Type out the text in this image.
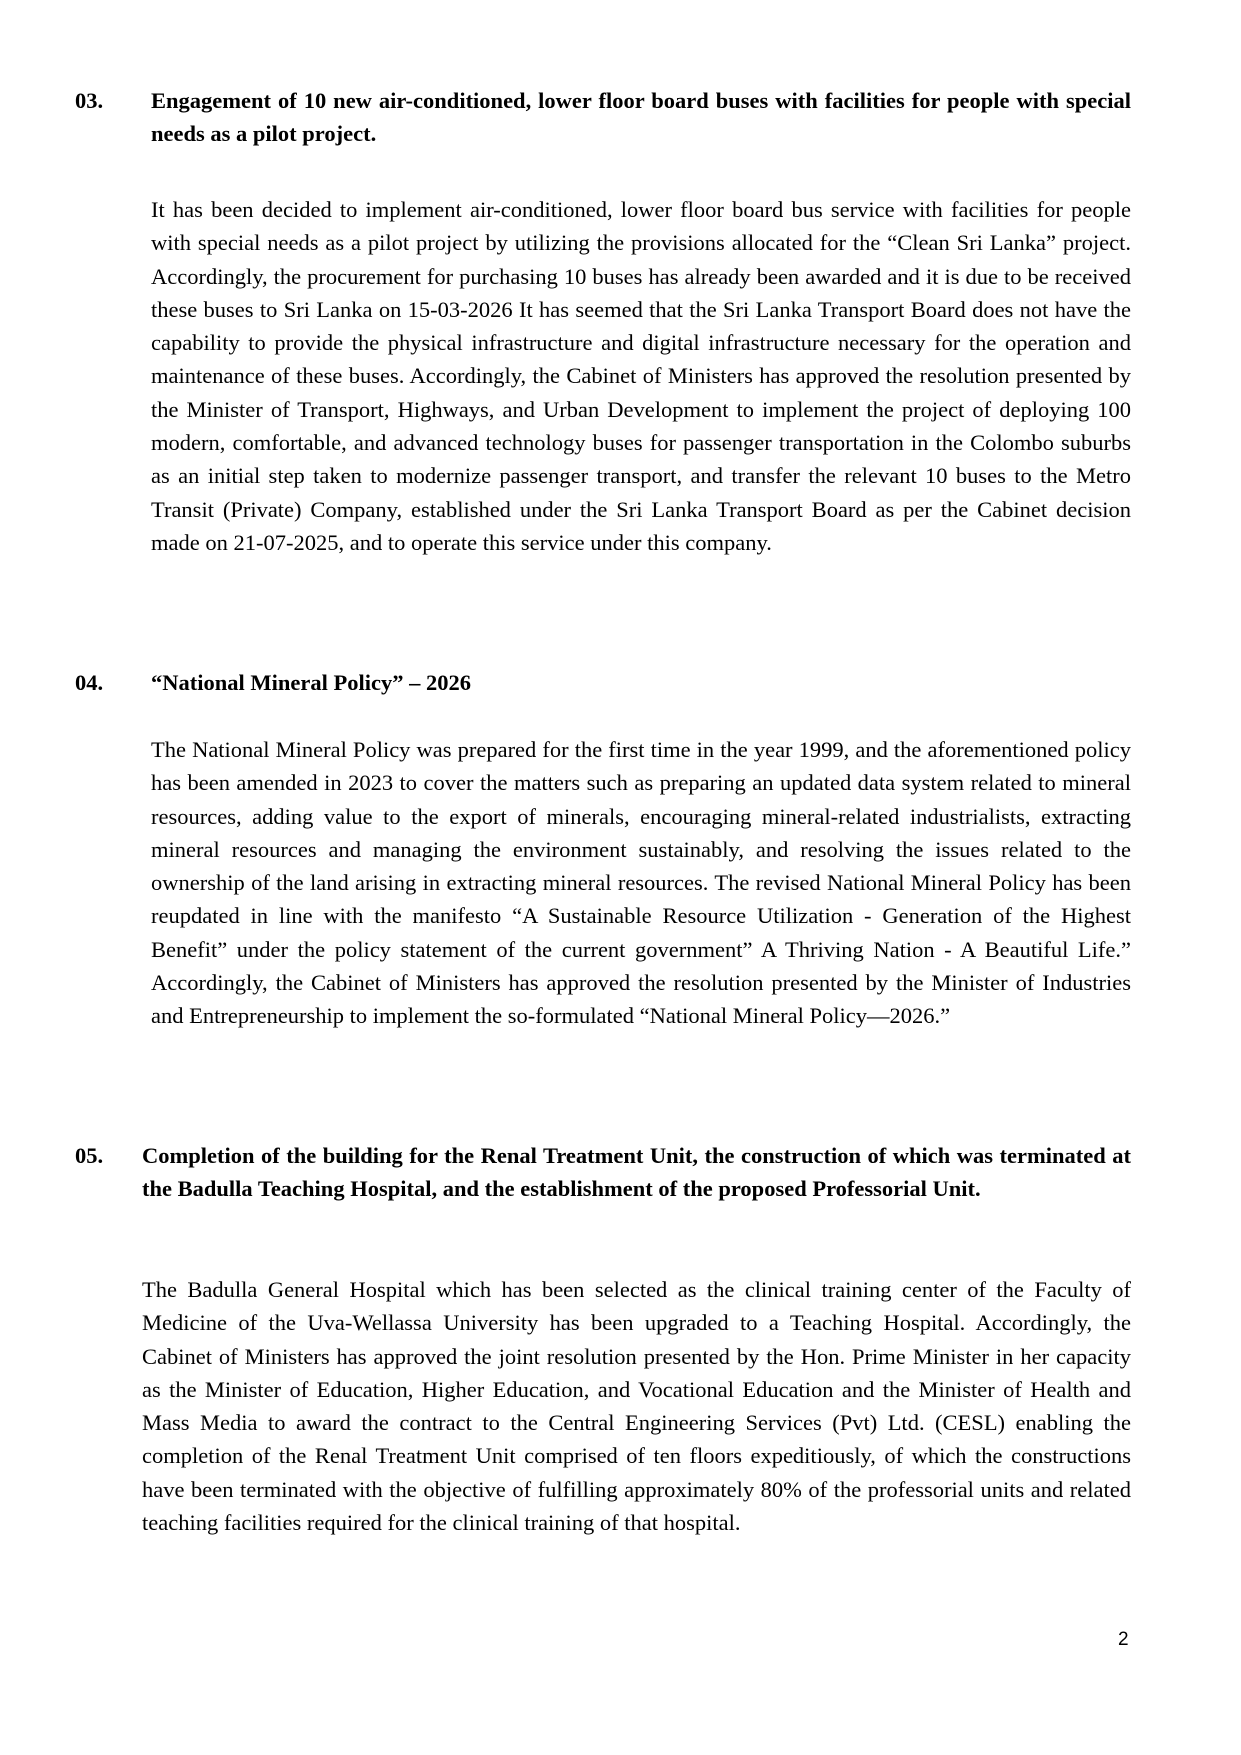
03. Engagement of 10 new air-conditioned, lower floor board buses with facilities for people with special needs as a pilot project.
It has been decided to implement air-conditioned, lower floor board bus service with facilities for people with special needs as a pilot project by utilizing the provisions allocated for the “Clean Sri Lanka” project. Accordingly, the procurement for purchasing 10 buses has already been awarded and it is due to be received these buses to Sri Lanka on 15-03-2026 It has seemed that the Sri Lanka Transport Board does not have the capability to provide the physical infrastructure and digital infrastructure necessary for the operation and maintenance of these buses. Accordingly, the Cabinet of Ministers has approved the resolution presented by the Minister of Transport, Highways, and Urban Development to implement the project of deploying 100 modern, comfortable, and advanced technology buses for passenger transportation in the Colombo suburbs as an initial step taken to modernize passenger transport, and transfer the relevant 10 buses to the Metro Transit (Private) Company, established under the Sri Lanka Transport Board as per the Cabinet decision made on 21-07-2025, and to operate this service under this company.
04. “National Mineral Policy” – 2026
The National Mineral Policy was prepared for the first time in the year 1999, and the aforementioned policy has been amended in 2023 to cover the matters such as preparing an updated data system related to mineral resources, adding value to the export of minerals, encouraging mineral-related industrialists, extracting mineral resources and managing the environment sustainably, and resolving the issues related to the ownership of the land arising in extracting mineral resources. The revised National Mineral Policy has been reupdated in line with the manifesto “A Sustainable Resource Utilization - Generation of the Highest Benefit” under the policy statement of the current government” A Thriving Nation - A Beautiful Life.” Accordingly, the Cabinet of Ministers has approved the resolution presented by the Minister of Industries and Entrepreneurship to implement the so-formulated “National Mineral Policy—2026.”
05. Completion of the building for the Renal Treatment Unit, the construction of which was terminated at the Badulla Teaching Hospital, and the establishment of the proposed Professorial Unit.
The Badulla General Hospital which has been selected as the clinical training center of the Faculty of Medicine of the Uva-Wellassa University has been upgraded to a Teaching Hospital. Accordingly, the Cabinet of Ministers has approved the joint resolution presented by the Hon. Prime Minister in her capacity as the Minister of Education, Higher Education, and Vocational Education and the Minister of Health and Mass Media to award the contract to the Central Engineering Services (Pvt) Ltd. (CESL) enabling the completion of the Renal Treatment Unit comprised of ten floors expeditiously, of which the constructions have been terminated with the objective of fulfilling approximately 80% of the professorial units and related teaching facilities required for the clinical training of that hospital.
2
